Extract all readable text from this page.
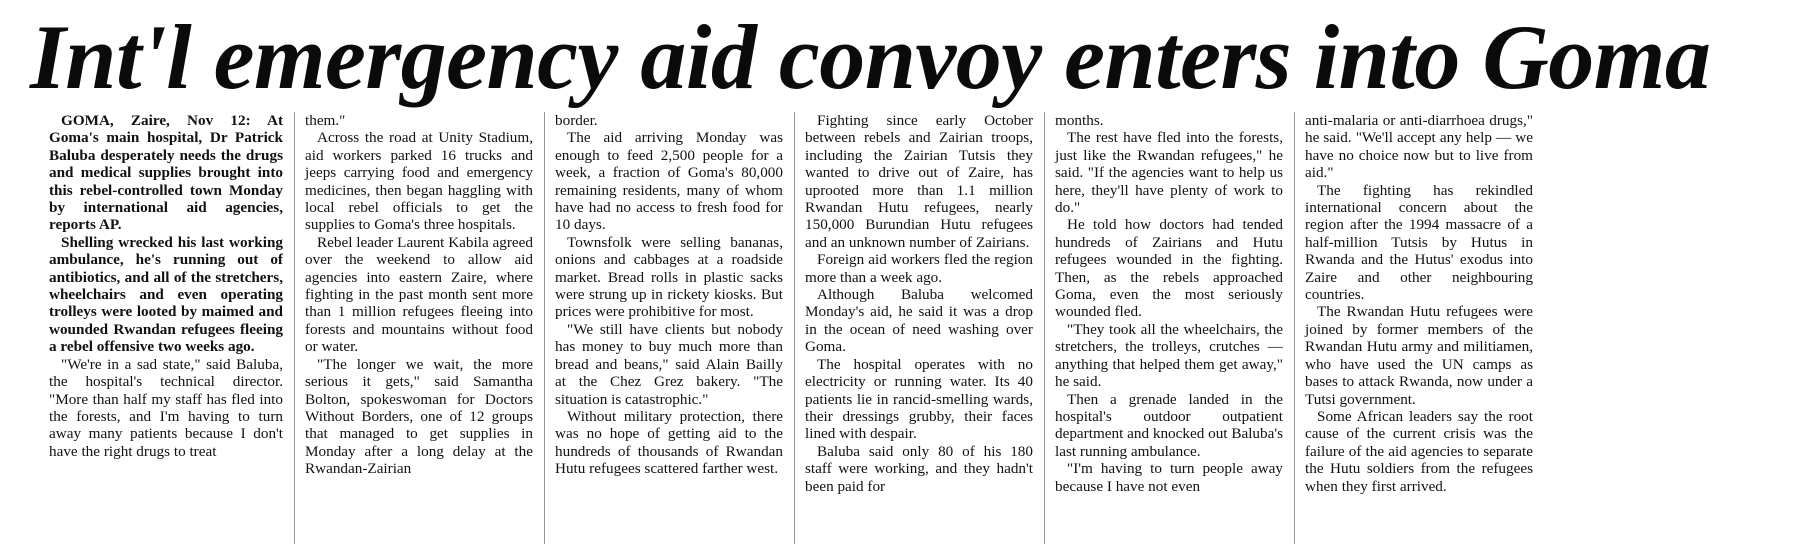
Int'l emergency aid convoy enters into Goma

GOMA, Zaire, Nov 12: At Goma's main hospital, Dr Patrick Baluba desperately needs the drugs and medical supplies brought into this rebel-controlled town Monday by international aid agencies, reports AP.

Shelling wrecked his last working ambulance, he's running out of antibiotics, and all of the stretchers, wheelchairs and even operating trolleys were looted by maimed and wounded Rwandan refugees fleeing a rebel offensive two weeks ago.

"We're in a sad state," said Baluba, the hospital's technical director. "More than half my staff has fled into the forests, and I'm having to turn away many patients because I don't have the right drugs to treat

them."

Across the road at Unity Stadium, aid workers parked 16 trucks and jeeps carrying food and emergency medicines, then began haggling with local rebel officials to get the supplies to Goma's three hospitals.

Rebel leader Laurent Kabila agreed over the weekend to allow aid agencies into eastern Zaire, where fighting in the past month sent more than 1 million refugees fleeing into forests and mountains without food or water.

"The longer we wait, the more serious it gets," said Samantha Bolton, spokeswoman for Doctors Without Borders, one of 12 groups that managed to get supplies in Monday after a long delay at the Rwandan-Zairian

border.

The aid arriving Monday was enough to feed 2,500 people for a week, a fraction of Goma's 80,000 remaining residents, many of whom have had no access to fresh food for 10 days.

Townsfolk were selling bananas, onions and cabbages at a roadside market. Bread rolls in plastic sacks were strung up in rickety kiosks. But prices were prohibitive for most.

"We still have clients but nobody has money to buy much more than bread and beans," said Alain Bailly at the Chez Grez bakery. "The situation is catastrophic."

Without military protection, there was no hope of getting aid to the hundreds of thousands of Rwandan Hutu refugees scattered farther west.

Fighting since early October between rebels and Zairian troops, including the Zairian Tutsis they wanted to drive out of Zaire, has uprooted more than 1.1 million Rwandan Hutu refugees, nearly 150,000 Burundian Hutu refugees and an unknown number of Zairians.

Foreign aid workers fled the region more than a week ago.

Although Baluba welcomed Monday's aid, he said it was a drop in the ocean of need washing over Goma.

The hospital operates with no electricity or running water. Its 40 patients lie in rancid-smelling wards, their dressings grubby, their faces lined with despair.

Baluba said only 80 of his 180 staff were working, and they hadn't been paid for

months.

The rest have fled into the forests, just like the Rwandan refugees," he said. "If the agencies want to help us here, they'll have plenty of work to do."

He told how doctors had tended hundreds of Zairians and Hutu refugees wounded in the fighting. Then, as the rebels approached Goma, even the most seriously wounded fled.

"They took all the wheelchairs, the stretchers, the trolleys, crutches — anything that helped them get away," he said.

Then a grenade landed in the hospital's outdoor outpatient department and knocked out Baluba's last running ambulance.

"I'm having to turn people away because I have not even

anti-malaria or anti-diarrhoea drugs," he said. "We'll accept any help — we have no choice now but to live from aid."

The fighting has rekindled international concern about the region after the 1994 massacre of a half-million Tutsis by Hutus in Rwanda and the Hutus' exodus into Zaire and other neighbouring countries.

The Rwandan Hutu refugees were joined by former members of the Rwandan Hutu army and militiamen, who have used the UN camps as bases to attack Rwanda, now under a Tutsi government.

Some African leaders say the root cause of the current crisis was the failure of the aid agencies to separate the Hutu soldiers from the refugees when they first arrived.
